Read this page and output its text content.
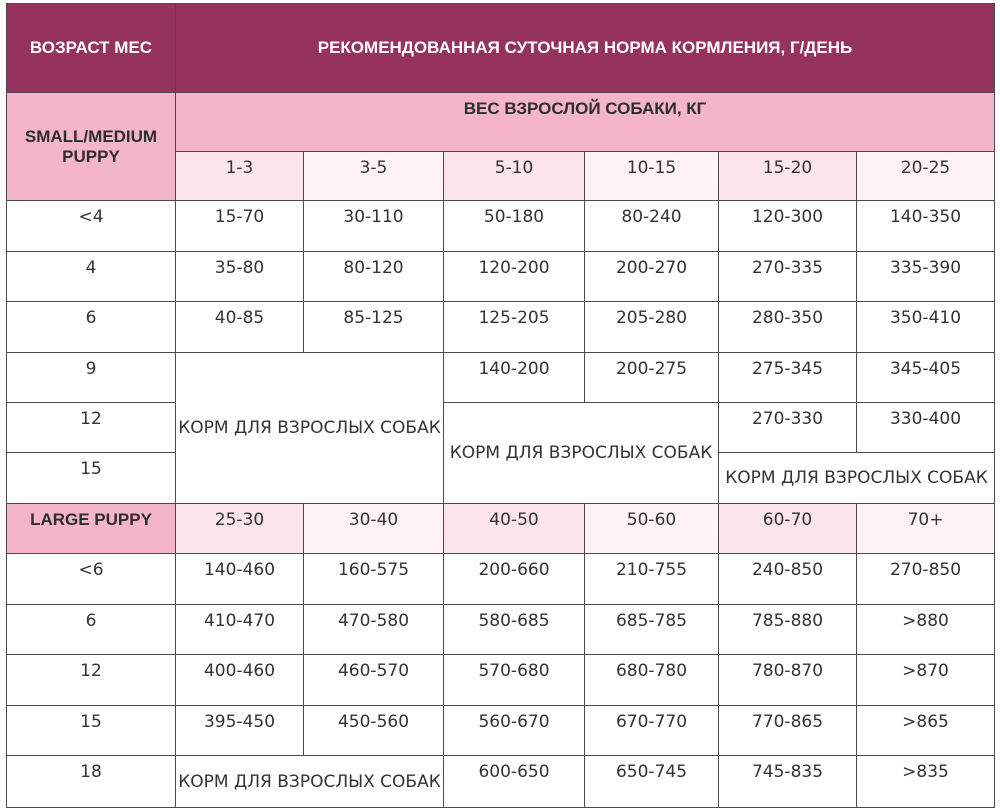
ВОЗРАСТ МЕС	РЕКОМЕНДОВАННАЯ СУТОЧНАЯ НОРМА КОРМЛЕНИЯ, Г/ДЕНЬ					
SMALL/MEDIUM PUPPY	ВЕС ВЗРОСЛОЙ СОБАКИ, КГ					
	1-3	3-5	5-10	10-15	15-20	20-25
<4	15-70	30-110	50-180	80-240	120-300	140-350
4	35-80	80-120	120-200	200-270	270-335	335-390
6	40-85	85-125	125-205	205-280	280-350	350-410
9	КОРМ ДЛЯ ВЗРОСЛЫХ СОБАК		140-200	200-275	275-345	345-405
12			КОРМ ДЛЯ ВЗРОСЛЫХ СОБАК		270-330	330-400
15					КОРМ ДЛЯ ВЗРОСЛЫХ СОБАК	
LARGE PUPPY	25-30	30-40	40-50	50-60	60-70	70+
<6	140-460	160-575	200-660	210-755	240-850	270-850
6	410-470	470-580	580-685	685-785	785-880	>880
12	400-460	460-570	570-680	680-780	780-870	>870
15	395-450	450-560	560-670	670-770	770-865	>865
18	КОРМ ДЛЯ ВЗРОСЛЫХ СОБАК		600-650	650-745	745-835	>835
